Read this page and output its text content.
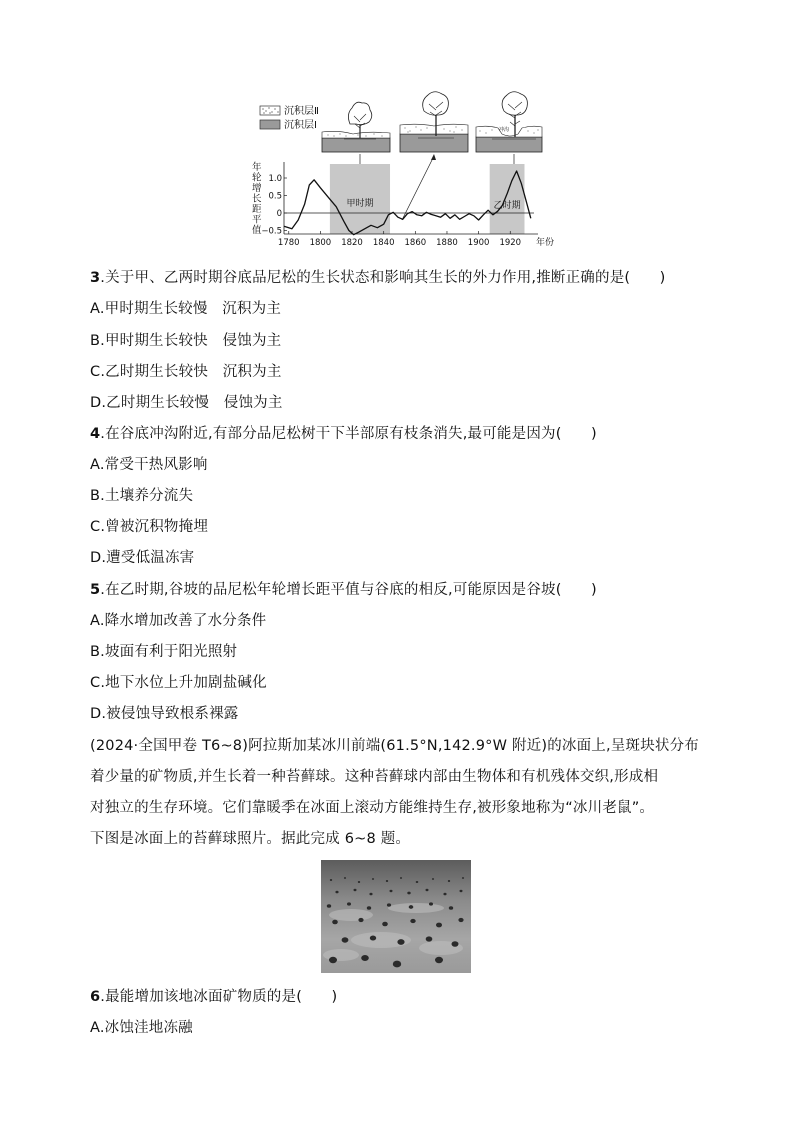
沉积层Ⅱ
沉积层Ⅰ	冲沟
年
轮
增
长
距
平
值
1.0
0.5
0
−0.5
1780 1800 1820 1840 1860 1880 1900 1920 年份
甲时期	乙时期
3.关于甲、乙两时期谷底品尼松的生长状态和影响其生长的外力作用,推断正确的是(　　)
A.甲时期生长较慢　沉积为主
B.甲时期生长较快　侵蚀为主
C.乙时期生长较快　沉积为主
D.乙时期生长较慢　侵蚀为主
4.在谷底冲沟附近,有部分品尼松树干下半部原有枝条消失,最可能是因为(　　)
A.常受干热风影响
B.土壤养分流失
C.曾被沉积物掩埋
D.遭受低温冻害
5.在乙时期,谷坡的品尼松年轮增长距平值与谷底的相反,可能原因是谷坡(　　)
A.降水增加改善了水分条件
B.坡面有利于阳光照射
C.地下水位上升加剧盐碱化
D.被侵蚀导致根系裸露
(2024·全国甲卷 T6~8)阿拉斯加某冰川前端(61.5°N,142.9°W 附近)的冰面上,呈斑块状分布
着少量的矿物质,并生长着一种苔藓球。这种苔藓球内部由生物体和有机残体交织,形成相
对独立的生存环境。它们靠暖季在冰面上滚动方能维持生存,被形象地称为“冰川老鼠”。
下图是冰面上的苔藓球照片。据此完成 6~8 题。
6.最能增加该地冰面矿物质的是(　　)
A.冰蚀洼地冻融
